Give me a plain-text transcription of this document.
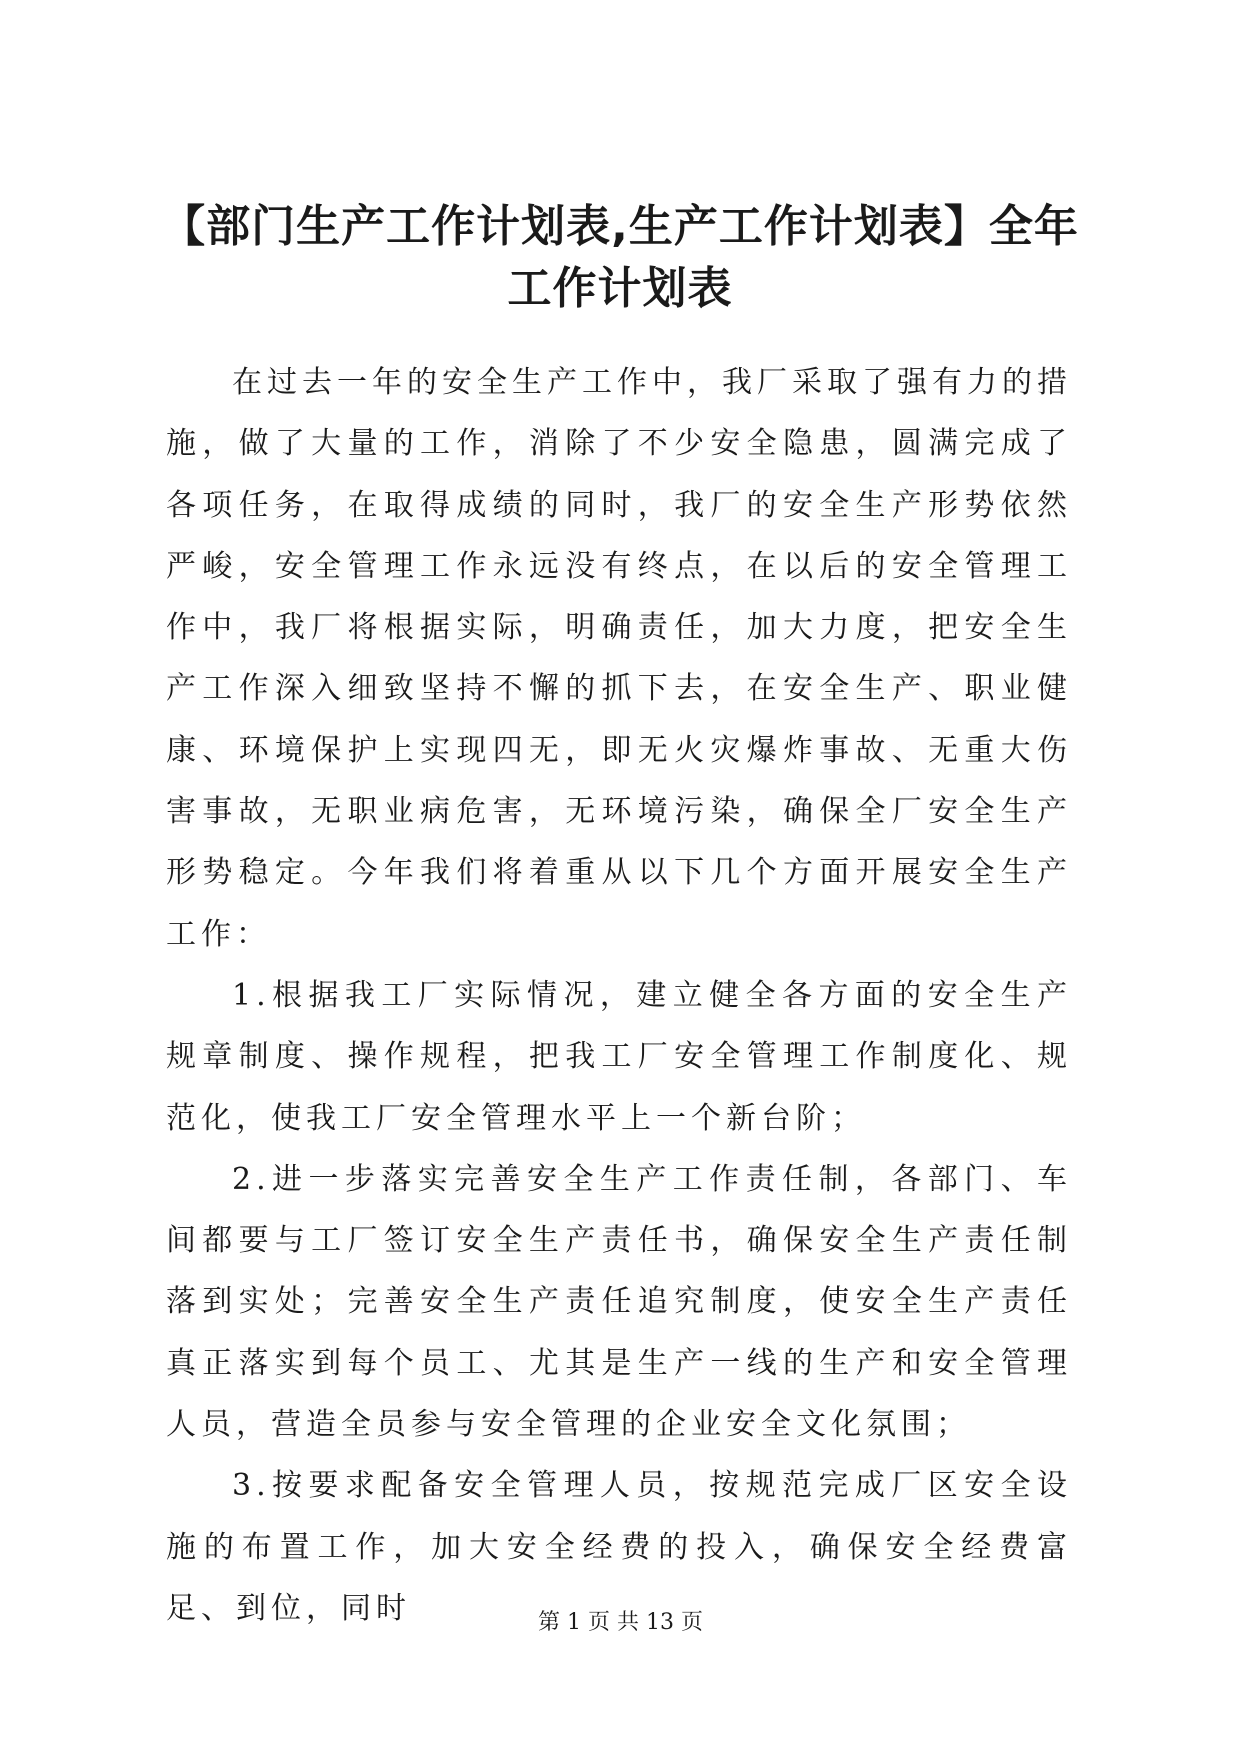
【部门生产工作计划表,生产工作计划表】全年工作计划表

在过去一年的安全生产工作中，我厂采取了强有力的措施，做了大量的工作，消除了不少安全隐患，圆满完成了各项任务，在取得成绩的同时，我厂的安全生产形势依然严峻，安全管理工作永远没有终点，在以后的安全管理工作中，我厂将根据实际，明确责任，加大力度，把安全生产工作深入细致坚持不懈的抓下去，在安全生产、职业健康、环境保护上实现四无，即无火灾爆炸事故、无重大伤害事故，无职业病危害，无环境污染，确保全厂安全生产形势稳定。今年我们将着重从以下几个方面开展安全生产工作：

1.根据我工厂实际情况，建立健全各方面的安全生产规章制度、操作规程，把我工厂安全管理工作制度化、规范化，使我工厂安全管理水平上一个新台阶；

2.进一步落实完善安全生产工作责任制，各部门、车间都要与工厂签订安全生产责任书，确保安全生产责任制落到实处；完善安全生产责任追究制度，使安全生产责任真正落实到每个员工、尤其是生产一线的生产和安全管理人员，营造全员参与安全管理的企业安全文化氛围；

3.按要求配备安全管理人员，按规范完成厂区安全设施的布置工作，加大安全经费的投入，确保安全经费富足、到位，同时	第 1 页 共 13 页
